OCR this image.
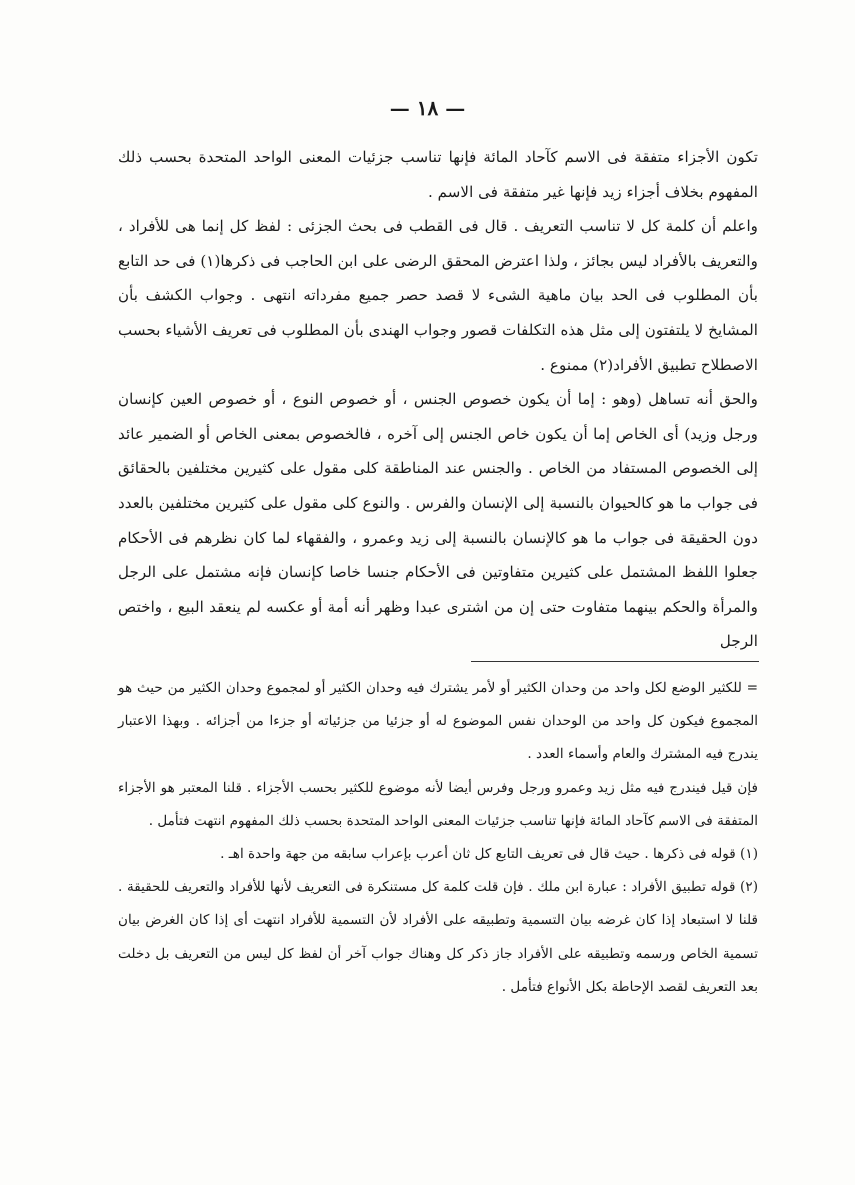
— ١٨ —

تكون الأجزاء متفقة فى الاسم كآحاد المائة فإنها تناسب جزئيات المعنى الواحد المتحدة بحسب ذلك المفهوم بخلاف أجزاء زيد فإنها غير متفقة فى الاسم .

واعلم أن كلمة كل لا تناسب التعريف . قال فى القطب فى بحث الجزئى : لفظ كل إنما هى للأفراد ، والتعريف بالأفراد ليس بجائز ، ولذا اعترض المحقق الرضى على ابن الحاجب فى ذكرها(١) فى حد التابع بأن المطلوب فى الحد بيان ماهية الشىء لا قصد حصر جميع مفرداته انتهى . وجواب الكشف بأن المشايخ لا يلتفتون إلى مثل هذه التكلفات قصور وجواب الهندى بأن المطلوب فى تعريف الأشياء بحسب الاصطلاح تطبيق الأفراد(٢) ممنوع .

والحق أنه تساهل (وهو : إما أن يكون خصوص الجنس ، أو خصوص النوع ، أو خصوص العين كإنسان ورجل وزيد) أى الخاص إما أن يكون خاص الجنس إلى آخره ، فالخصوص بمعنى الخاص أو الضمير عائد إلى الخصوص المستفاد من الخاص . والجنس عند المناطقة كلى مقول على كثيرين مختلفين بالحقائق فى جواب ما هو كالحيوان بالنسبة إلى الإنسان والفرس . والنوع كلى مقول على كثيرين مختلفين بالعدد دون الحقيقة فى جواب ما هو كالإنسان بالنسبة إلى زيد وعمرو ، والفقهاء لما كان نظرهم فى الأحكام جعلوا اللفظ المشتمل على كثيرين متفاوتين فى الأحكام جنسا خاصا كإنسان فإنه مشتمل على الرجل والمرأة والحكم بينهما متفاوت حتى إن من اشترى عبدا وظهر أنه أمة أو عكسه لم ينعقد البيع ، واختص الرجل

= للكثير الوضع لكل واحد من وحدان الكثير أو لأمر يشترك فيه وحدان الكثير أو لمجموع وحدان الكثير من حيث هو المجموع فيكون كل واحد من الوحدان نفس الموضوع له أو جزئيا من جزئياته أو جزءا من أجزائه . وبهذا الاعتبار يندرج فيه المشترك والعام وأسماء العدد .

فإن قيل فيندرج فيه مثل زيد وعمرو ورجل وفرس أيضا لأنه موضوع للكثير بحسب الأجزاء . قلنا المعتبر هو الأجزاء المتفقة فى الاسم كآحاد المائة فإنها تناسب جزئيات المعنى الواحد المتحدة بحسب ذلك المفهوم انتهت فتأمل .

(١) قوله فى ذكرها . حيث قال فى تعريف التابع كل ثان أعرب بإعراب سابقه من جهة واحدة اهـ .

(٢) قوله تطبيق الأفراد : عبارة ابن ملك . فإن قلت كلمة كل مستنكرة فى التعريف لأنها للأفراد والتعريف للحقيقة . قلنا لا استبعاد إذا كان غرضه بيان التسمية وتطبيقه على الأفراد لأن التسمية للأفراد انتهت أى إذا كان الغرض بيان تسمية الخاص ورسمه وتطبيقه على الأفراد جاز ذكر كل وهناك جواب آخر أن لفظ كل ليس من التعريف بل دخلت بعد التعريف لقصد الإحاطة بكل الأنواع فتأمل .
